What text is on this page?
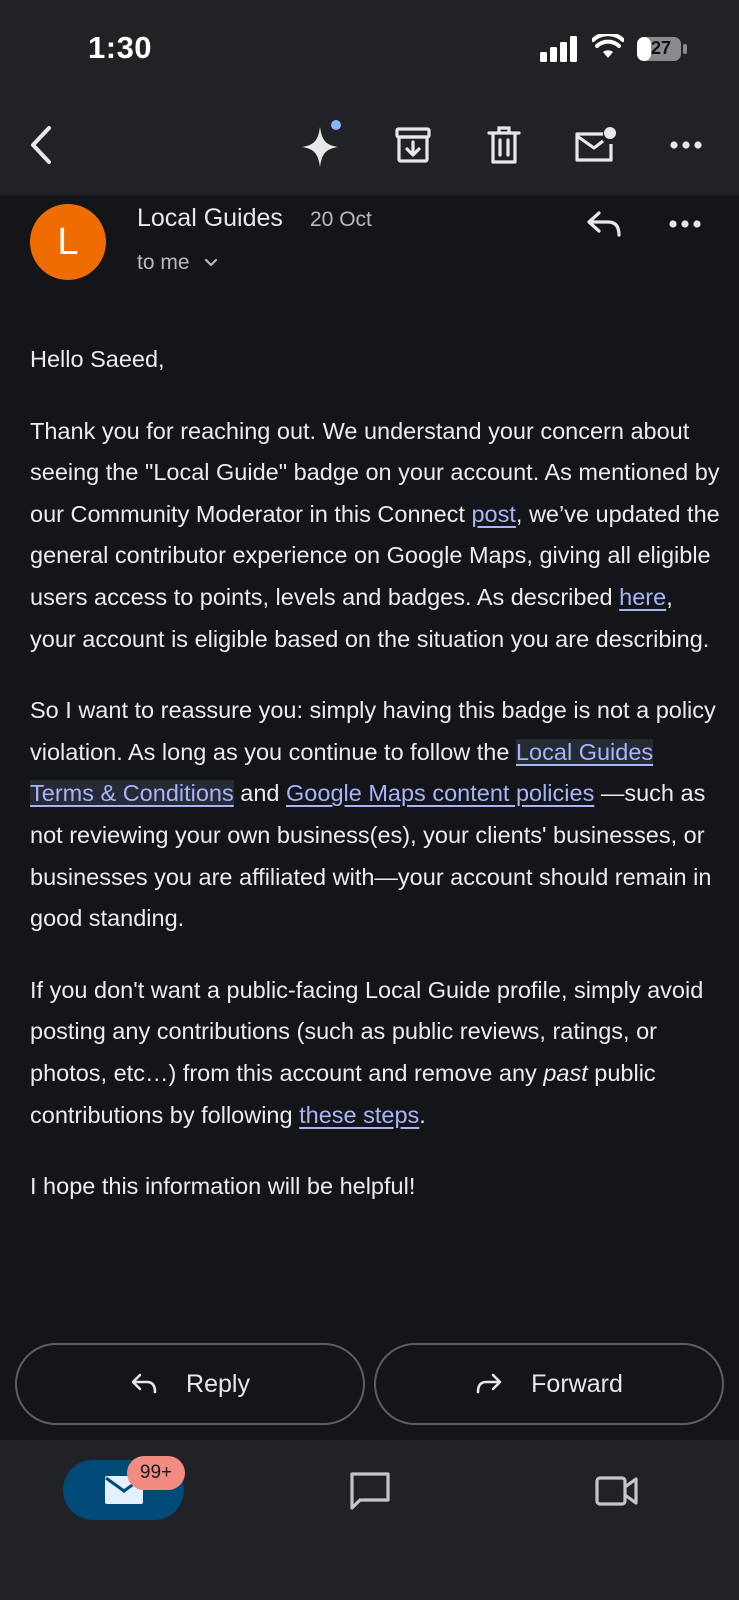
1:30	27
L
Local Guides 20 Oct
to me

Hello Saeed,

Thank you for reaching out. We understand your concern about seeing the "Local Guide" badge on your account. As mentioned by our Community Moderator in this Connect post, we’ve updated the general contributor experience on Google Maps, giving all eligible users access to points, levels and badges. As described here, your account is eligible based on the situation you are describing.

So I want to reassure you: simply having this badge is not a policy violation. As long as you continue to follow the Local Guides Terms & Conditions and Google Maps content policies —such as not reviewing your own business(es), your clients' businesses, or businesses you are affiliated with—your account should remain in good standing.

If you don't want a public-facing Local Guide profile, simply avoid posting any contributions (such as public reviews, ratings, or photos, etc…) from this account and remove any past public contributions by following these steps.

I hope this information will be helpful!

Reply	Forward
99+
